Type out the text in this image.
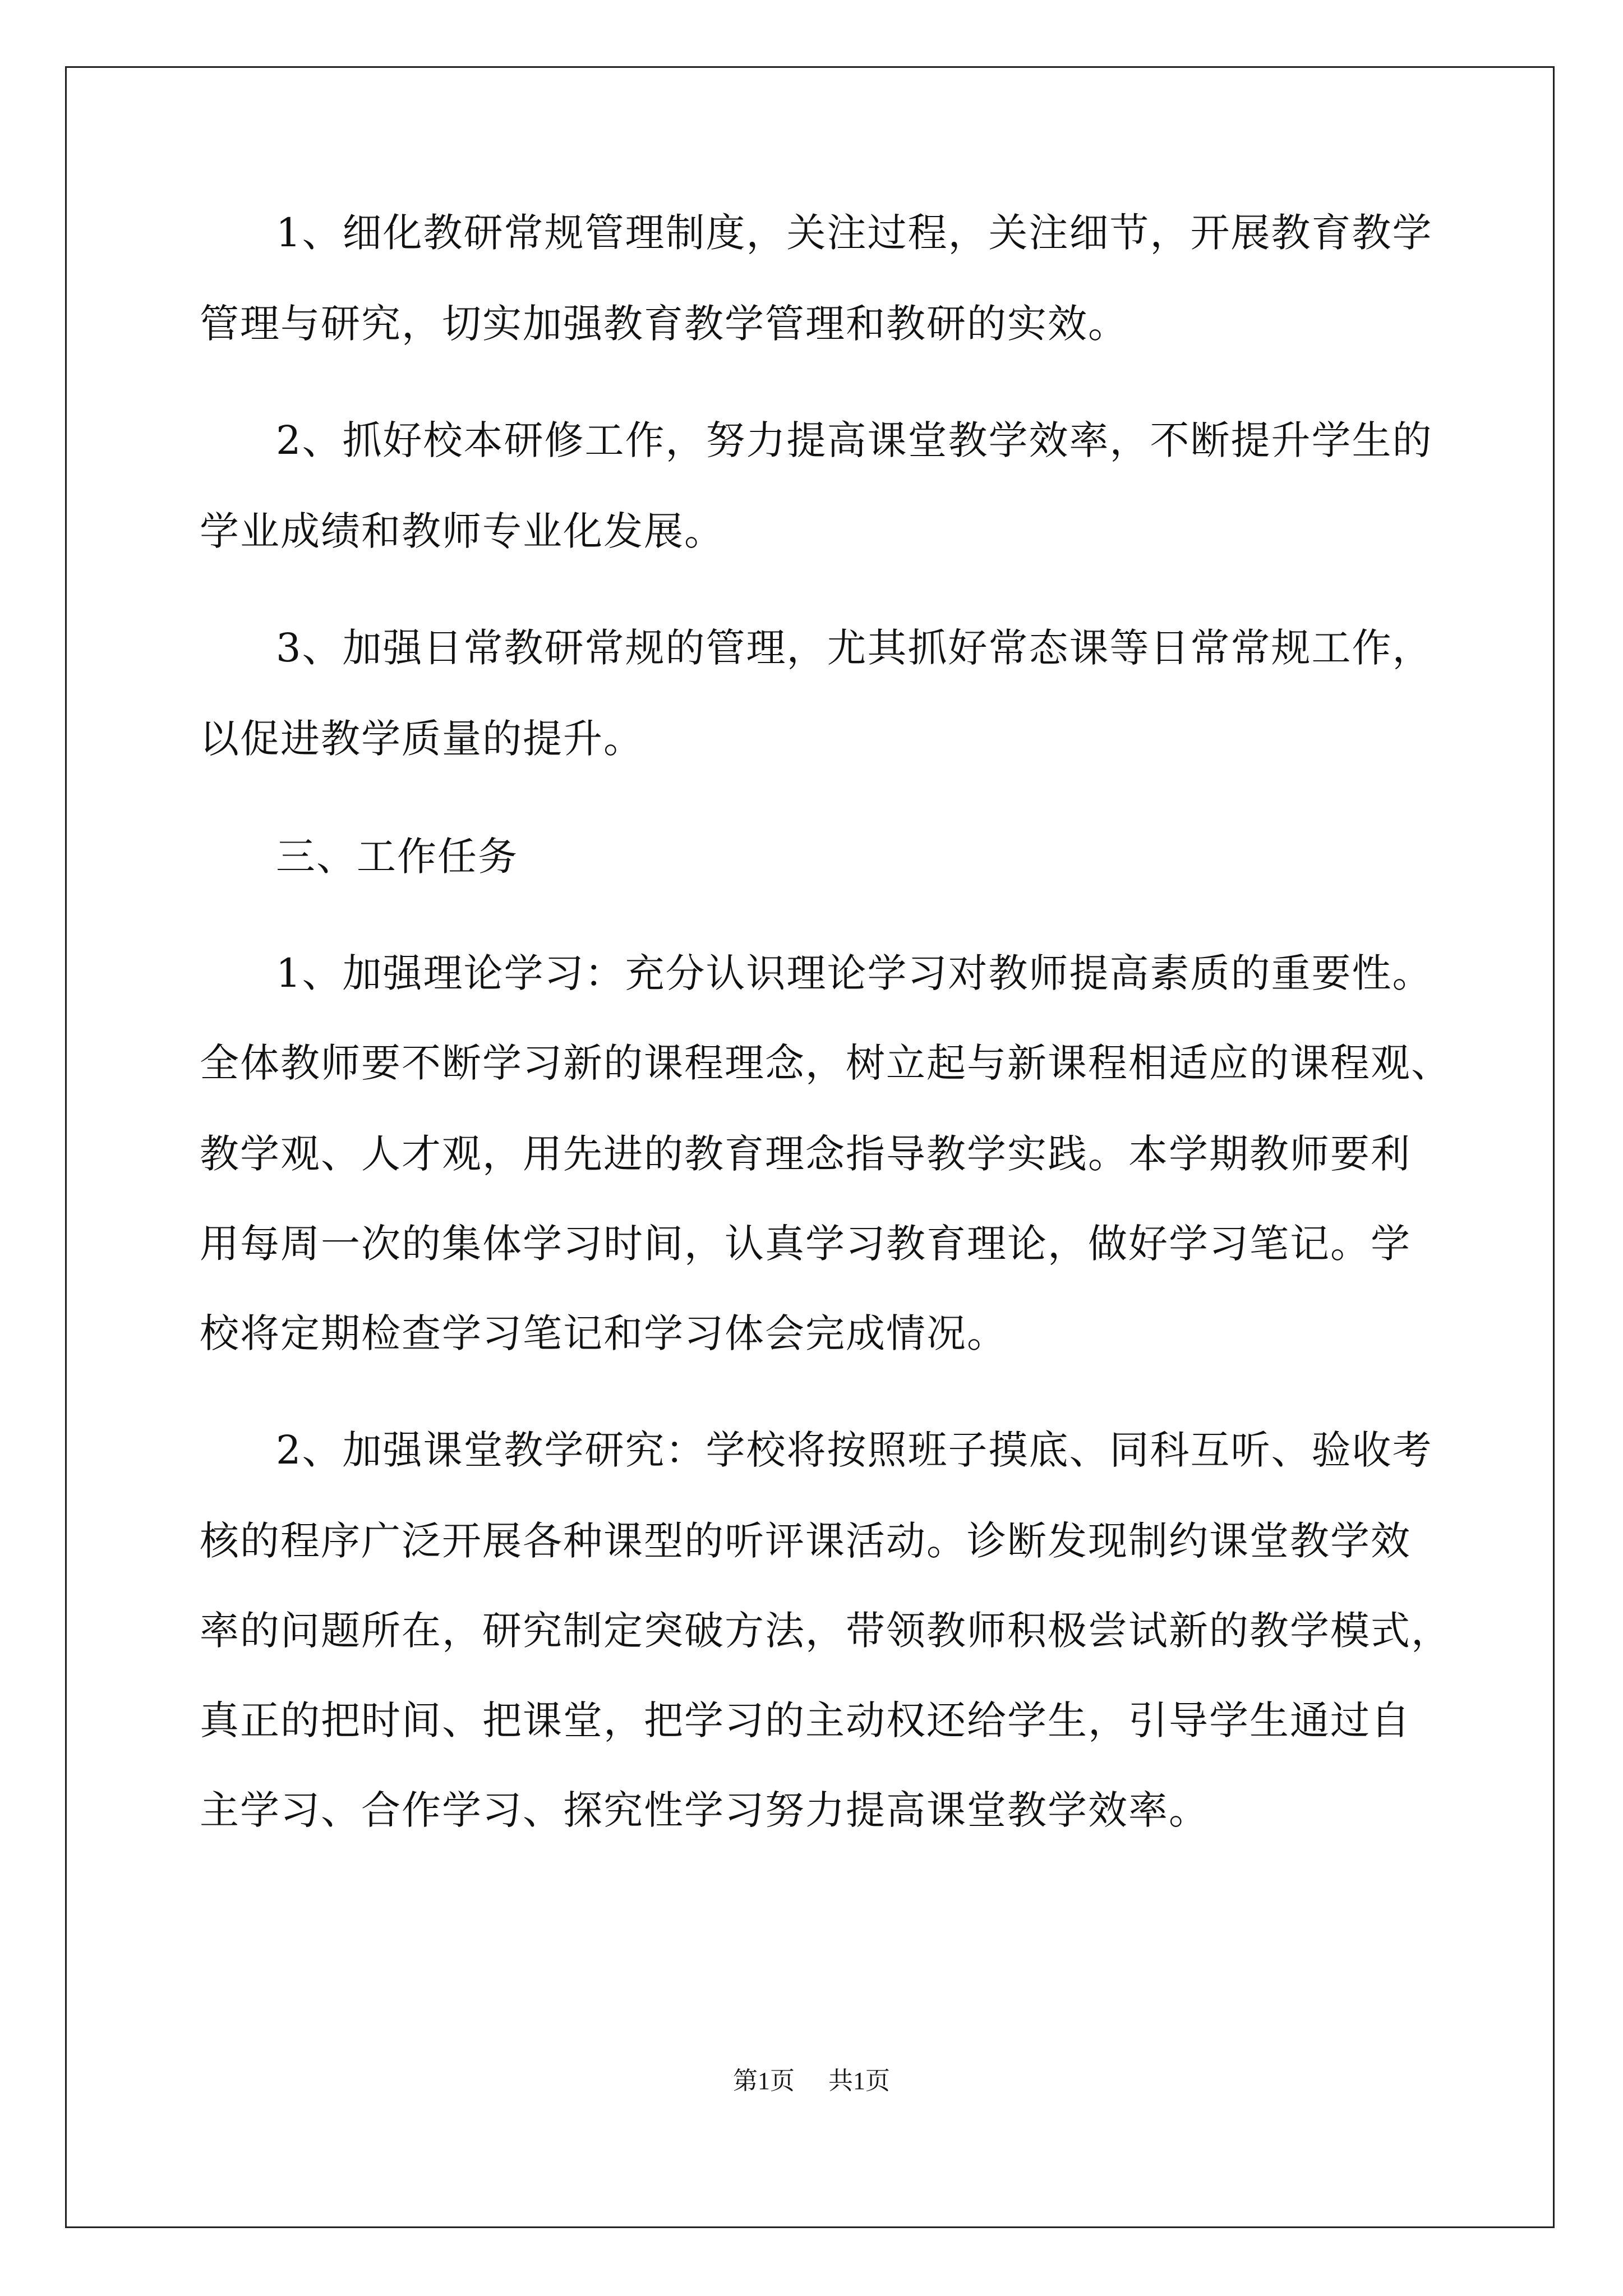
1、细化教研常规管理制度，关注过程，关注细节，开展教育教学
管理与研究，切实加强教育教学管理和教研的实效。
2、抓好校本研修工作，努力提高课堂教学效率，不断提升学生的
学业成绩和教师专业化发展。
3、加强日常教研常规的管理，尤其抓好常态课等日常常规工作，
以促进教学质量的提升。
三、工作任务
1、加强理论学习：充分认识理论学习对教师提高素质的重要性。
全体教师要不断学习新的课程理念，树立起与新课程相适应的课程观、
教学观、人才观，用先进的教育理念指导教学实践。本学期教师要利
用每周一次的集体学习时间，认真学习教育理论，做好学习笔记。学
校将定期检查学习笔记和学习体会完成情况。
2、加强课堂教学研究：学校将按照班子摸底、同科互听、验收考
核的程序广泛开展各种课型的听评课活动。诊断发现制约课堂教学效
率的问题所在，研究制定突破方法，带领教师积极尝试新的教学模式，
真正的把时间、把课堂，把学习的主动权还给学生，引导学生通过自
主学习、合作学习、探究性学习努力提高课堂教学效率。
第1页 共1页
